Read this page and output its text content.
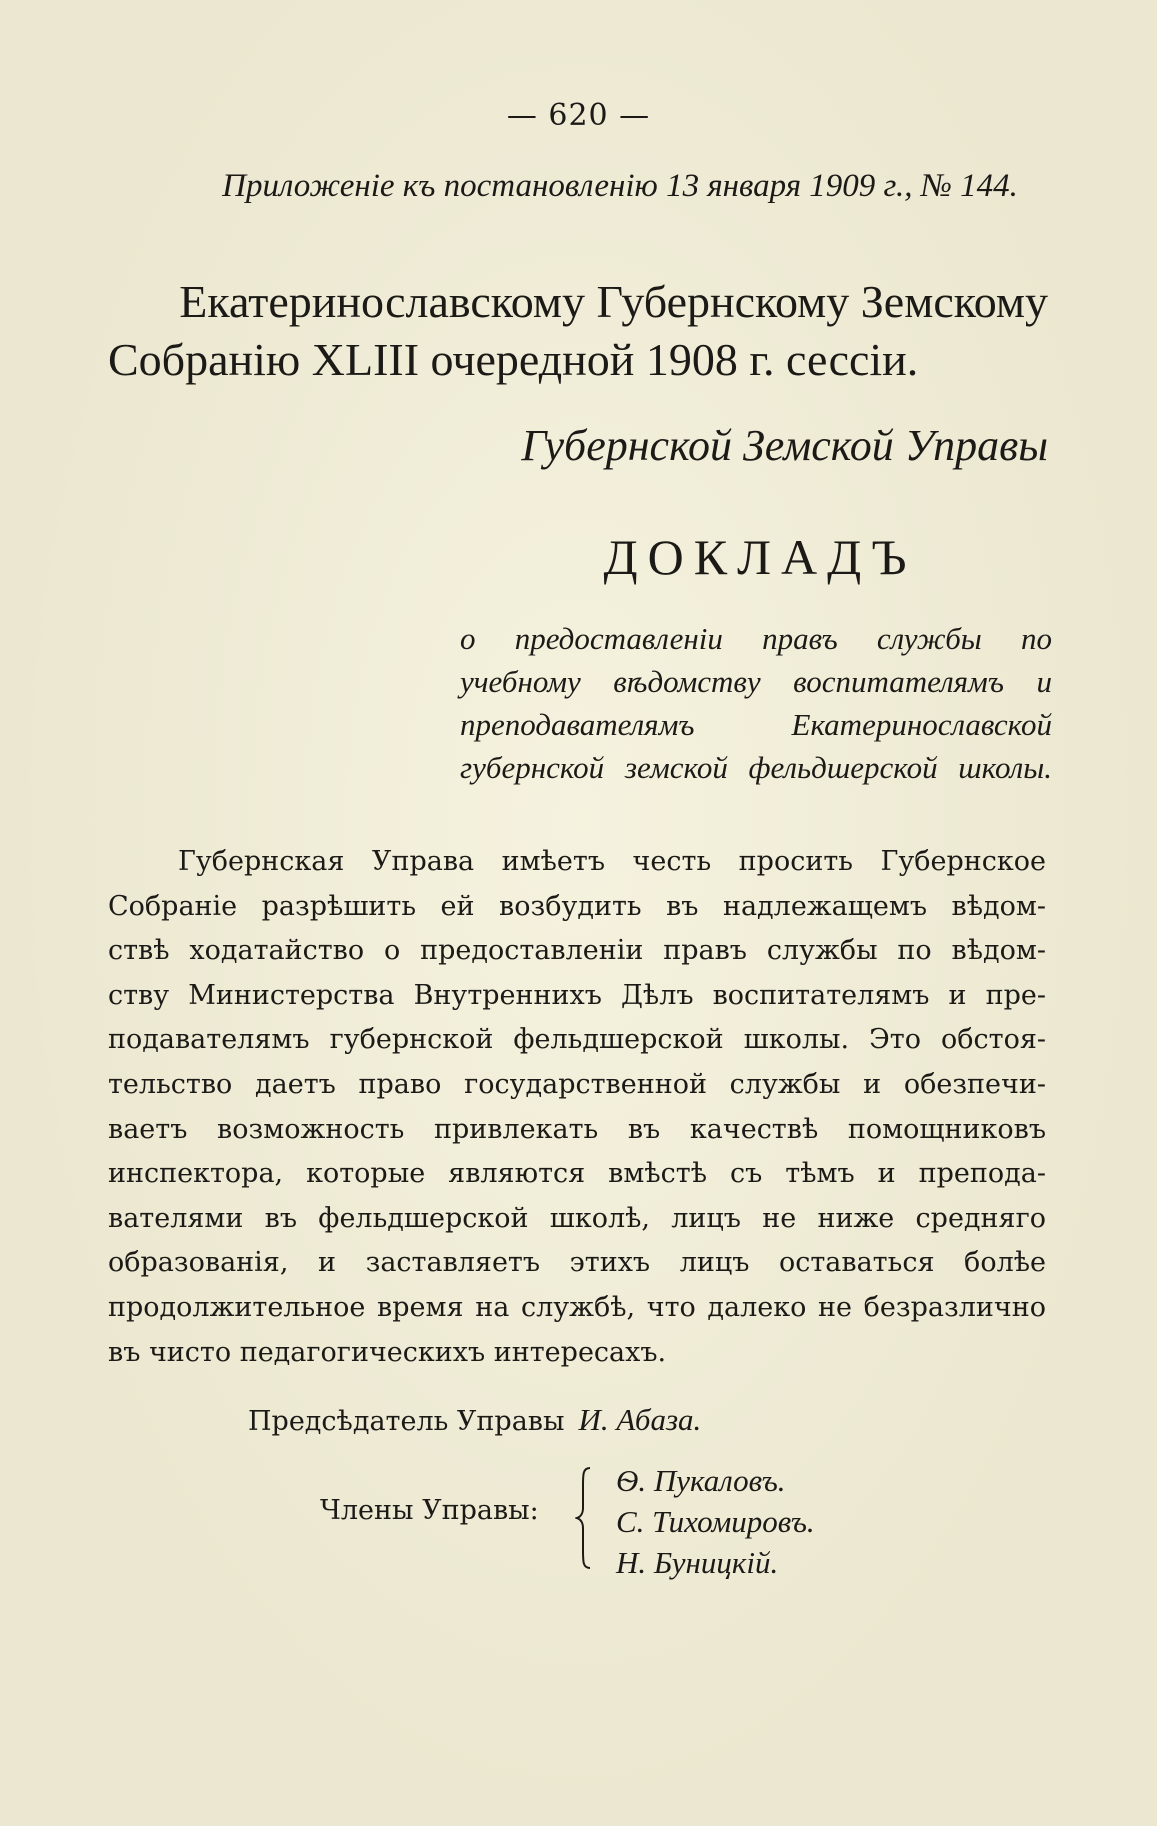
— 620 —
Приложеніе къ постановленію 13 января 1909 г., № 144.
Екатеринославскому Губернскому Земскому
Собранію XLIII очередной 1908 г. сессіи.
Губернской Земской Управы
ДОКЛАДЪ
о предоставленіи правъ службы по
учебному вѣдомству воспитателямъ и
преподавателямъ Екатеринославской
губернской земской фельдшерской школы.
Губернская Управа имѣетъ честь просить Губернское
Собраніе разрѣшить ей возбудить въ надлежащемъ вѣдом-
ствѣ ходатайство о предоставленіи правъ службы по вѣдом-
ству Министерства Внутреннихъ Дѣлъ воспитателямъ и пре-
подавателямъ губернской фельдшерской школы. Это обстоя-
тельство даетъ право государственной службы и обезпечи-
ваетъ возможность привлекать въ качествѣ помощниковъ
инспектора, которые являются вмѣстѣ съ тѣмъ и препода-
вателями въ фельдшерской школѣ, лицъ не ниже средняго
образованія, и заставляетъ этихъ лицъ оставаться болѣе
продолжительное время на службѣ, что далеко не безразлично
въ чисто педагогическихъ интересахъ.
Предсѣдатель Управы И. Абаза.
Члены Управы:
Ѳ. Пукаловъ.
С. Тихомировъ.
Н. Буницкій.
